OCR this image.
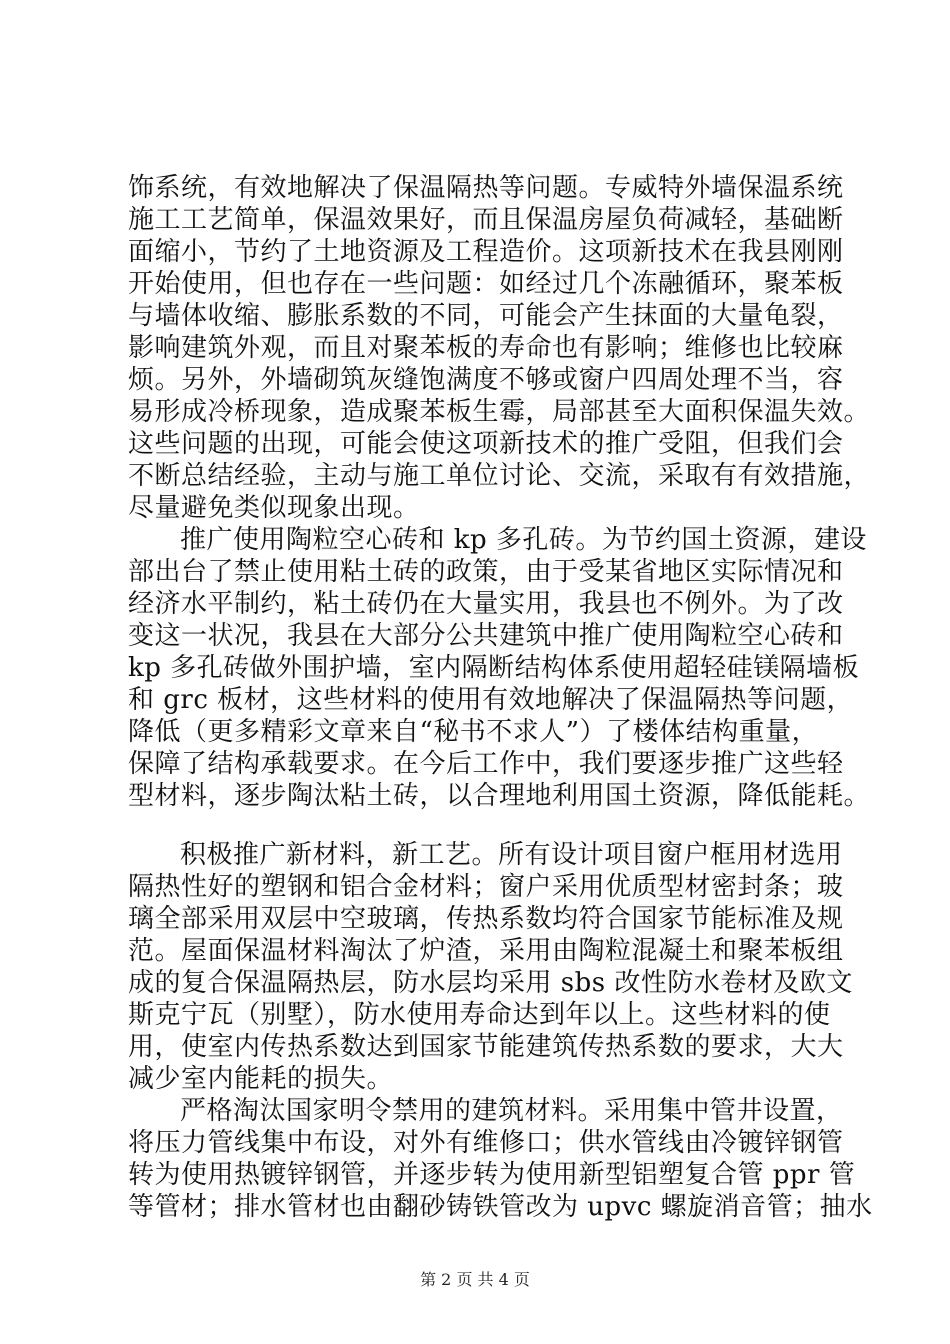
饰系统，有效地解决了保温隔热等问题。专威特外墙保温系统
施工工艺简单，保温效果好，而且保温房屋负荷减轻，基础断
面缩小，节约了土地资源及工程造价。这项新技术在我县刚刚
开始使用，但也存在一些问题：如经过几个冻融循环，聚苯板
与墙体收缩、膨胀系数的不同，可能会产生抹面的大量龟裂，
影响建筑外观，而且对聚苯板的寿命也有影响；维修也比较麻
烦。另外，外墙砌筑灰缝饱满度不够或窗户四周处理不当，容
易形成冷桥现象，造成聚苯板生霉，局部甚至大面积保温失效。
这些问题的出现，可能会使这项新技术的推广受阻，但我们会
不断总结经验，主动与施工单位讨论、交流，采取有有效措施，
尽量避免类似现象出现。
推广使用陶粒空心砖和 kp 多孔砖。为节约国土资源，建设
部出台了禁止使用粘土砖的政策，由于受某省地区实际情况和
经济水平制约，粘土砖仍在大量实用，我县也不例外。为了改
变这一状况，我县在大部分公共建筑中推广使用陶粒空心砖和
kp 多孔砖做外围护墙，室内隔断结构体系使用超轻硅镁隔墙板
和 grc 板材，这些材料的使用有效地解决了保温隔热等问题，
降低（更多精彩文章来自“秘书不求人”）了楼体结构重量，
保障了结构承载要求。在今后工作中，我们要逐步推广这些轻
型材料，逐步陶汰粘土砖，以合理地利用国土资源，降低能耗。
积极推广新材料，新工艺。所有设计项目窗户框用材选用
隔热性好的塑钢和铝合金材料；窗户采用优质型材密封条；玻
璃全部采用双层中空玻璃，传热系数均符合国家节能标准及规
范。屋面保温材料淘汰了炉渣，采用由陶粒混凝土和聚苯板组
成的复合保温隔热层，防水层均采用 sbs 改性防水卷材及欧文
斯克宁瓦（别墅），防水使用寿命达到年以上。这些材料的使
用，使室内传热系数达到国家节能建筑传热系数的要求，大大
减少室内能耗的损失。
严格淘汰国家明令禁用的建筑材料。采用集中管井设置，
将压力管线集中布设，对外有维修口；供水管线由冷镀锌钢管
转为使用热镀锌钢管，并逐步转为使用新型铝塑复合管 ppr 管
等管材；排水管材也由翻砂铸铁管改为 upvc 螺旋消音管；抽水
第 2 页 共 4 页
